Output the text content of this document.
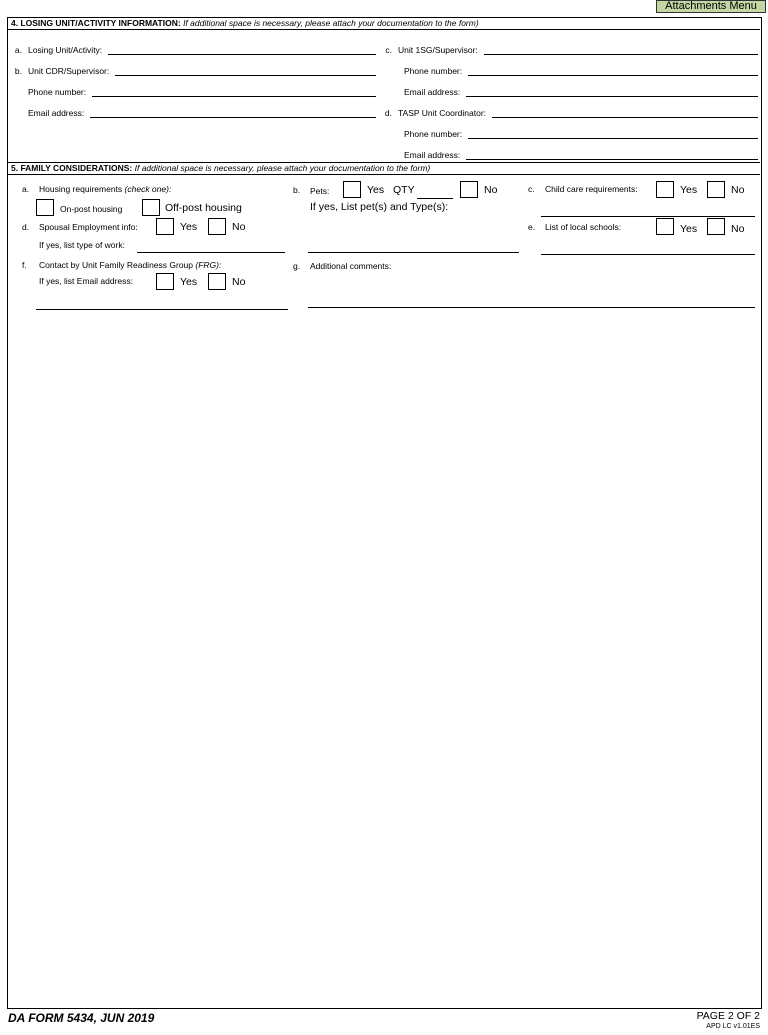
Attachments Menu
4. LOSING UNIT/ACTIVITY INFORMATION: If additional space is necessary, please attach your documentation to the form)
a. Losing Unit/Activity:
b. Unit CDR/Supervisor:
Phone number:
Email address:
c. Unit 1SG/Supervisor:
Phone number:
Email address:
d. TASP Unit Coordinator:
Phone number:
Email address:
5. FAMILY CONSIDERATIONS: If additional space is necessary, please attach your documentation to the form)
a. Housing requirements (check one):
On-post housing	Off-post housing
b. Pets:	Yes QTY	No
If yes, List pet(s) and Type(s):
c. Child care requirements:	Yes	No
d. Spousal Employment info:	Yes	No
If yes, list type of work:
e. List of local schools:	Yes	No
f. Contact by Unit Family Readiness Group (FRG):
If yes, list Email address:	Yes	No
g. Additional comments:
DA FORM 5434, JUN 2019	PAGE 2 OF 2
APD LC v1.01ES
